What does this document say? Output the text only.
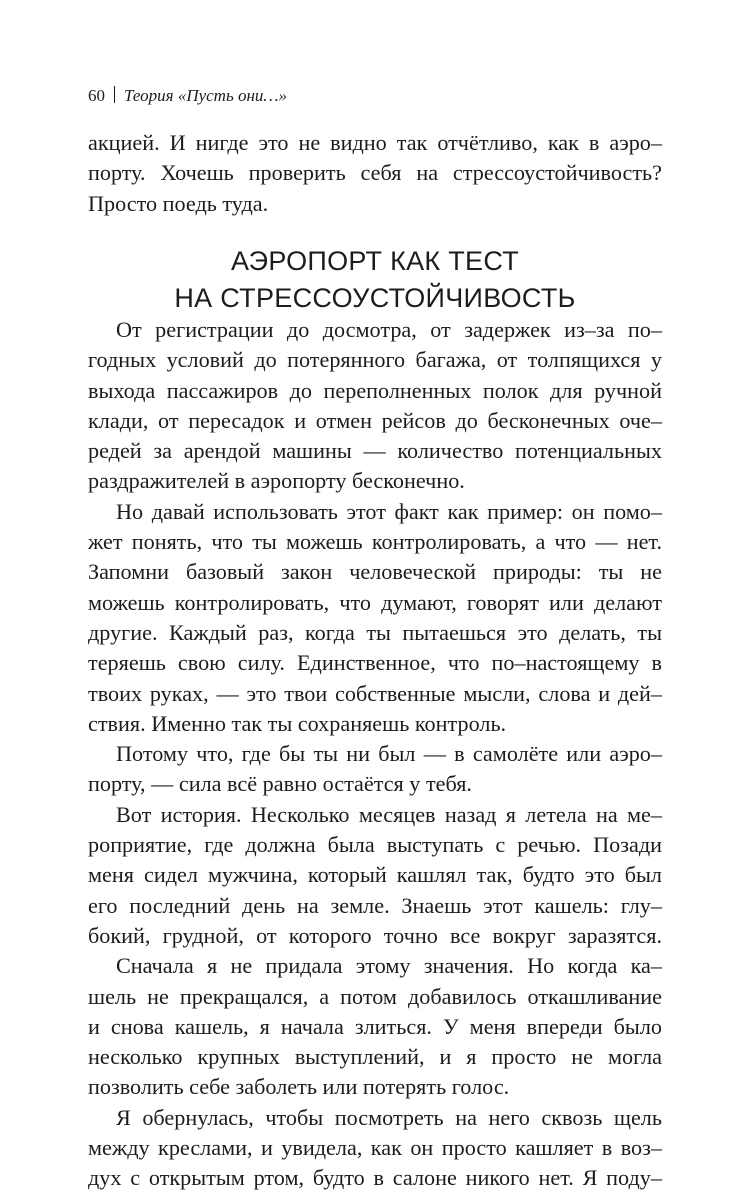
60 Теория «Пусть они…»
акцией. И нигде это не видно так отчётливо, как в аэро–
порту. Хочешь проверить себя на стрессоустойчивость?
Просто поедь туда.
АЭРОПОРТ КАК ТЕСТ
НА СТРЕССОУСТОЙЧИВОСТЬ
От регистрации до досмотра, от задержек из–за по–
годных условий до потерянного багажа, от толпящихся у
выхода пассажиров до переполненных полок для ручной
клади, от пересадок и отмен рейсов до бесконечных оче–
редей за арендой машины — количество потенциальных
раздражителей в аэропорту бесконечно.
Но давай использовать этот факт как пример: он помо–
жет понять, что ты можешь контролировать, а что — нет.
Запомни базовый закон человеческой природы: ты не
можешь контролировать, что думают, говорят или делают
другие. Каждый раз, когда ты пытаешься это делать, ты
теряешь свою силу. Единственное, что по–настоящему в
твоих руках, — это твои собственные мысли, слова и дей–
ствия. Именно так ты сохраняешь контроль.
Потому что, где бы ты ни был — в самолёте или аэро–
порту, — сила всё равно остаётся у тебя.
Вот история. Несколько месяцев назад я летела на ме–
роприятие, где должна была выступать с речью. Позади
меня сидел мужчина, который кашлял так, будто это был
его последний день на земле. Знаешь этот кашель: глу–
бокий, грудной, от которого точно все вокруг заразятся.
Сначала я не придала этому значения. Но когда ка–
шель не прекращался, а потом добавилось откашливание
и снова кашель, я начала злиться. У меня впереди было
несколько крупных выступлений, и я просто не могла
позволить себе заболеть или потерять голос.
Я обернулась, чтобы посмотреть на него сквозь щель
между креслами, и увидела, как он просто кашляет в воз–
дух с открытым ртом, будто в салоне никого нет. Я поду–
